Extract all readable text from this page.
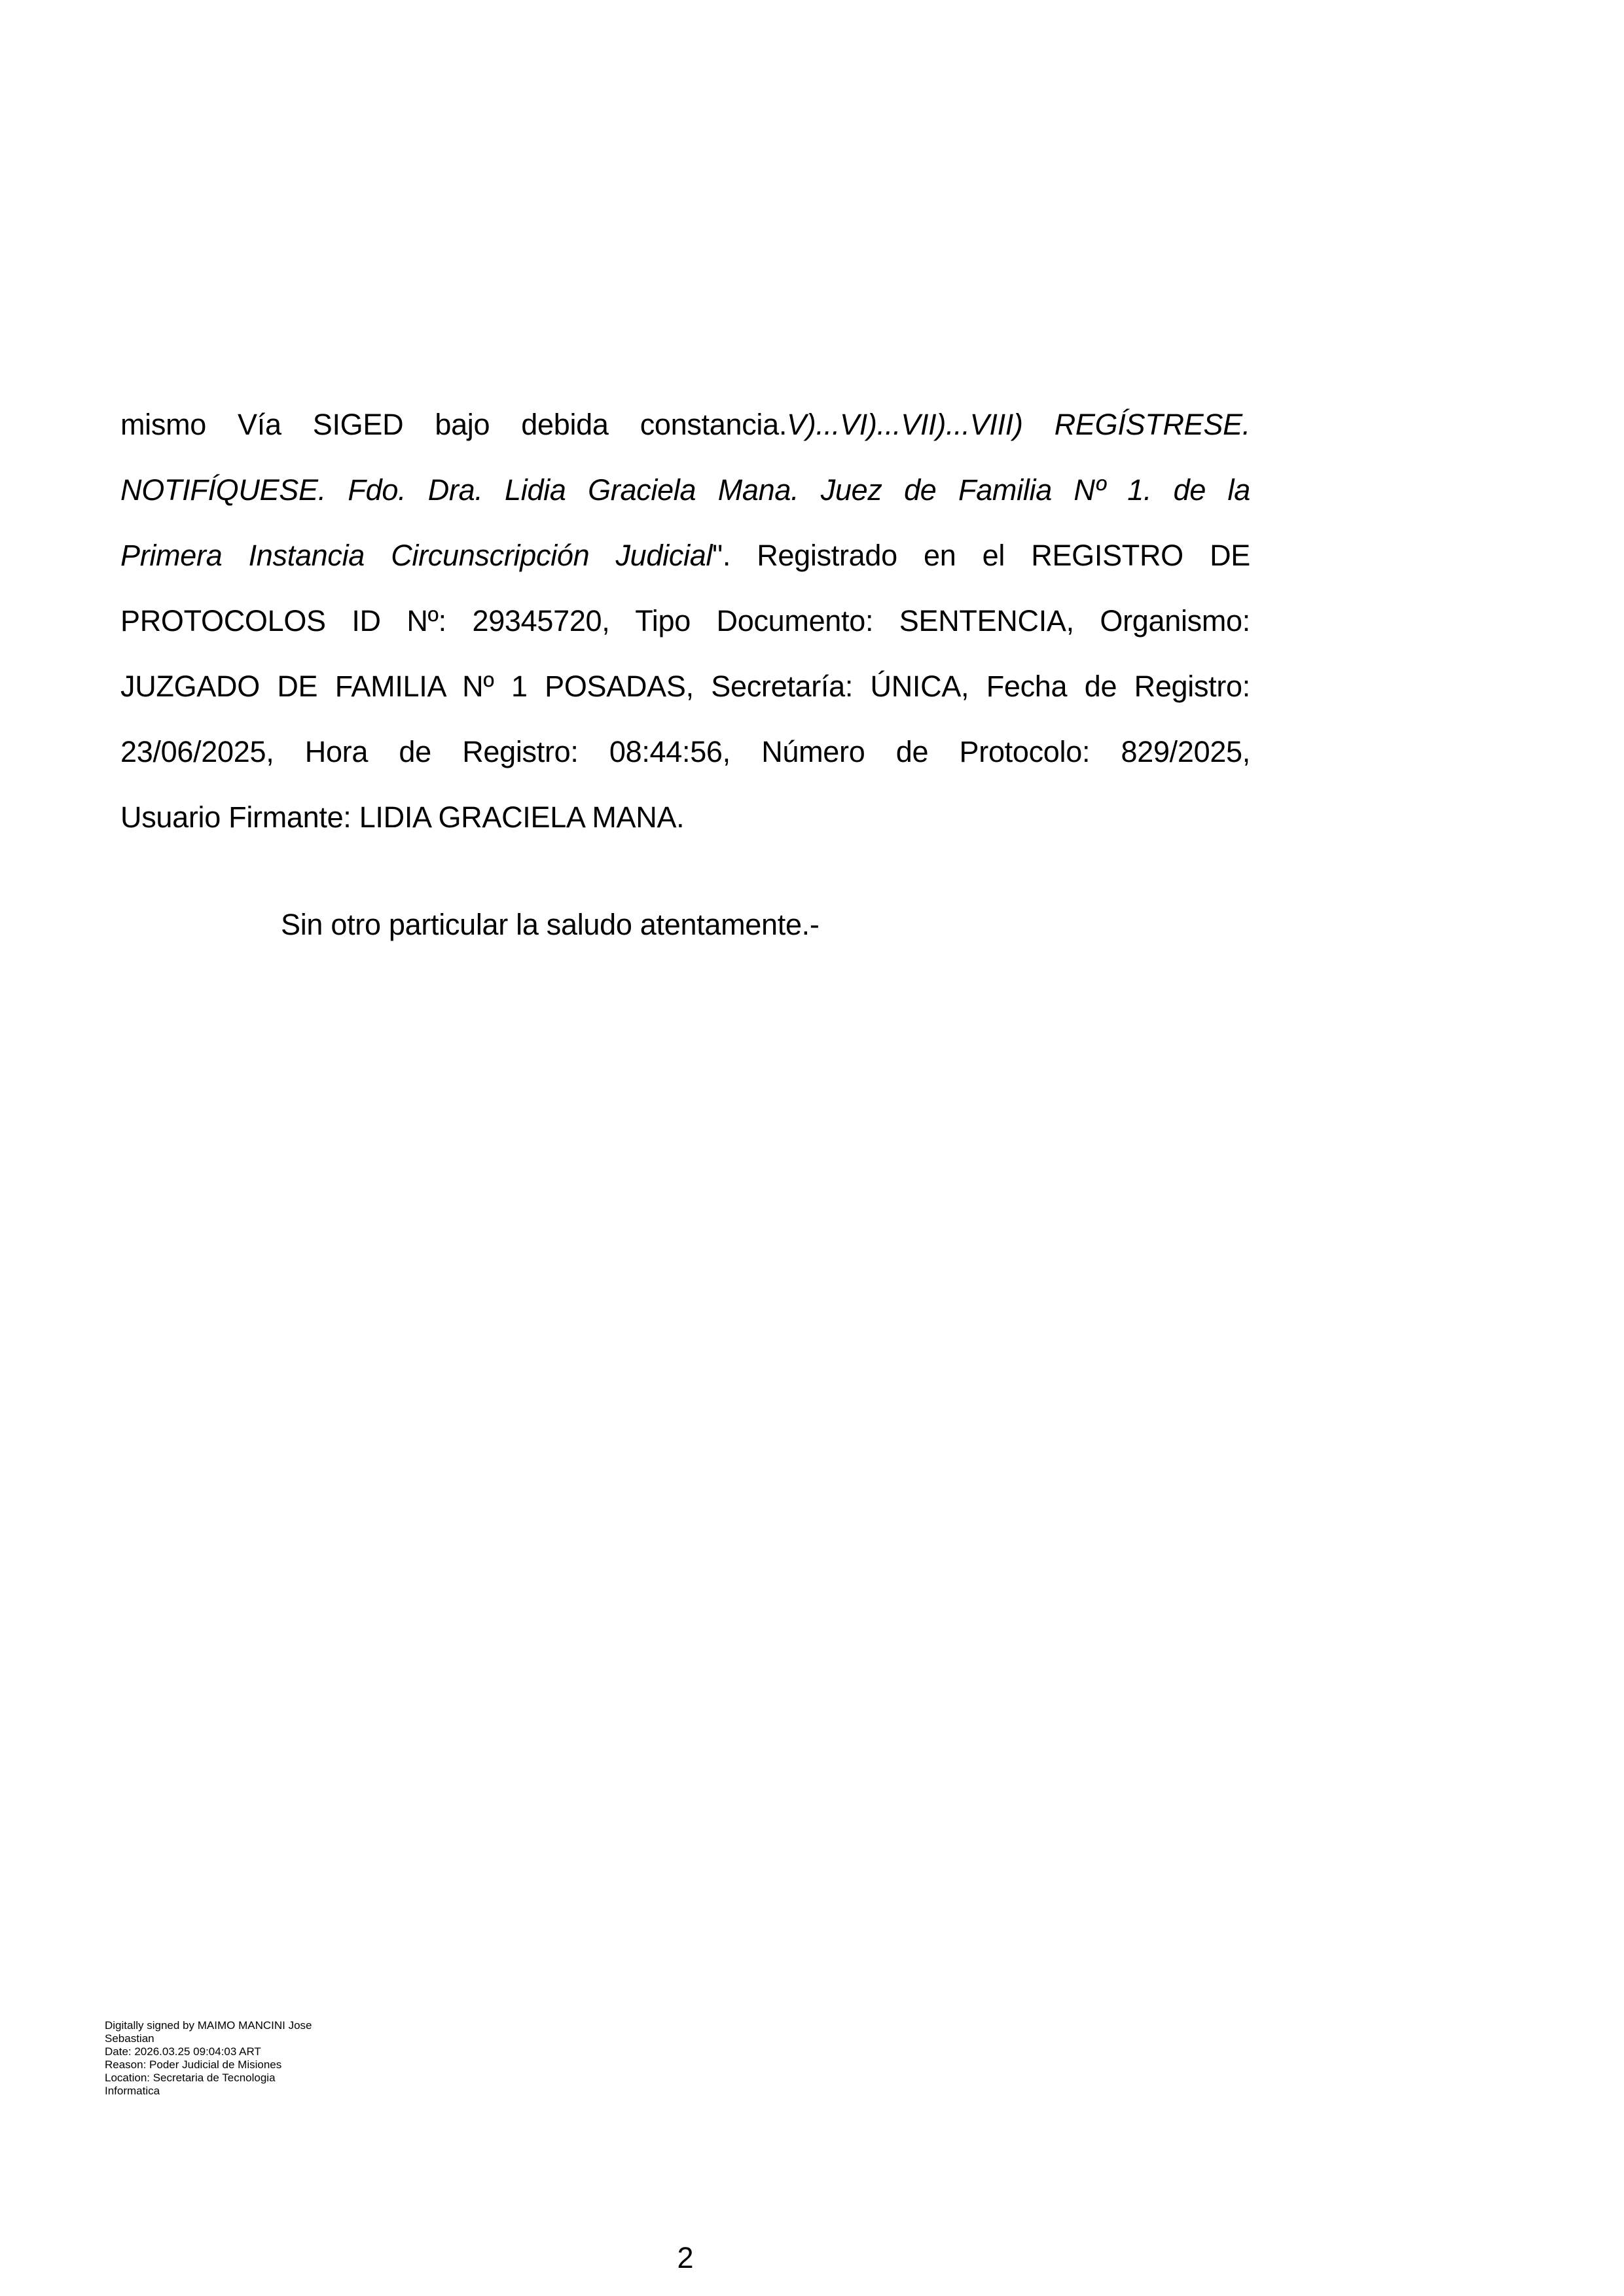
mismo Vía SIGED bajo debida constancia.V)...VI)...VII)...VIII) REGÍSTRESE.
NOTIFÍQUESE. Fdo. Dra. Lidia Graciela Mana. Juez de Familia Nº 1. de la
Primera Instancia Circunscripción Judicial". Registrado en el REGISTRO DE
PROTOCOLOS ID Nº: 29345720, Tipo Documento: SENTENCIA, Organismo:
JUZGADO DE FAMILIA Nº 1 POSADAS, Secretaría: ÚNICA, Fecha de Registro:
23/06/2025, Hora de Registro: 08:44:56, Número de Protocolo: 829/2025,
Usuario Firmante: LIDIA GRACIELA MANA.
Sin otro particular la saludo atentamente.-
Digitally signed by MAIMO MANCINI Jose
Sebastian
Date: 2026.03.25 09:04:03 ART
Reason: Poder Judicial de Misiones
Location: Secretaria de Tecnologia
Informatica
2
